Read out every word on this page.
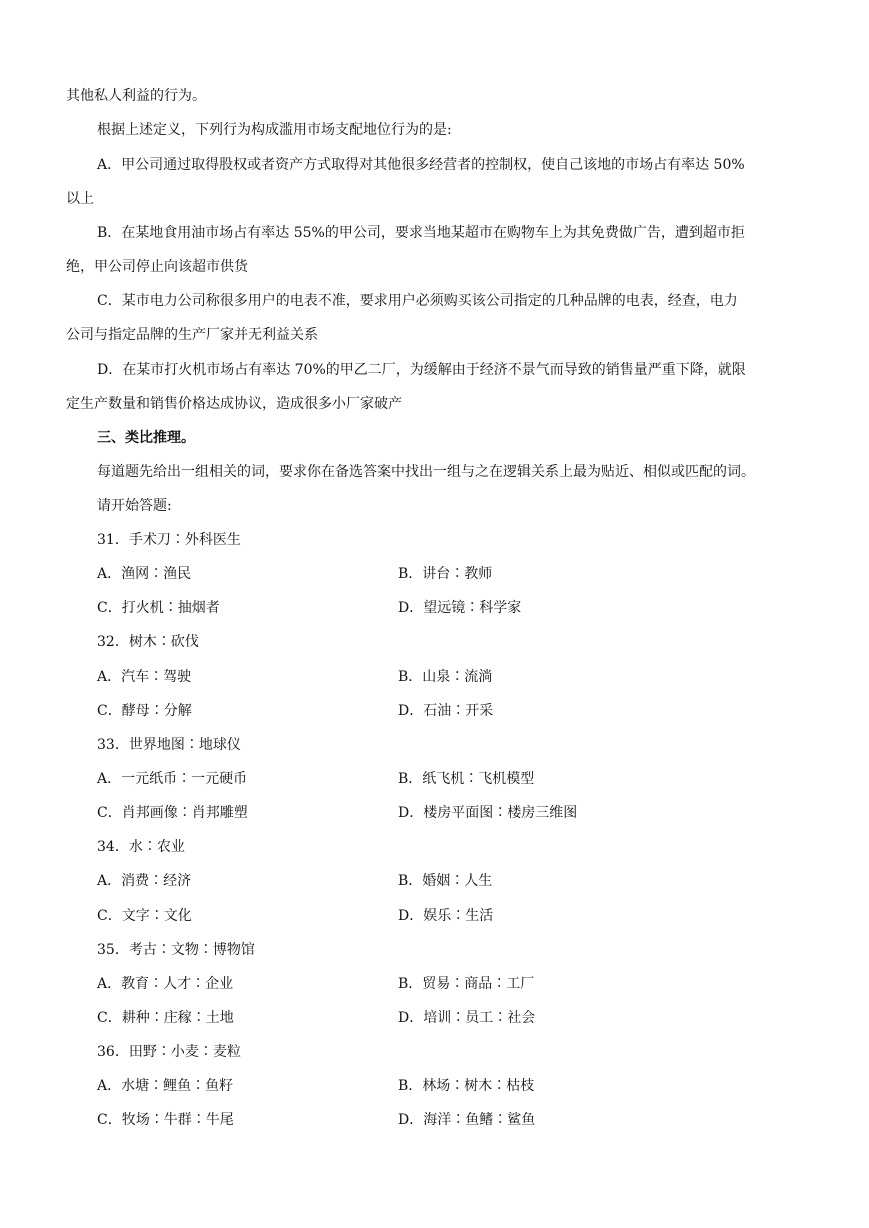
其他私人利益的行为。
根据上述定义，下列行为构成滥用市场支配地位行为的是:
A．甲公司通过取得股权或者资产方式取得对其他很多经营者的控制权，使自己该地的市场占有率达 50%
以上
B．在某地食用油市场占有率达 55%的甲公司，要求当地某超市在购物车上为其免费做广告，遭到超市拒
绝，甲公司停止向该超市供货
C．某市电力公司称很多用户的电表不准，要求用户必须购买该公司指定的几种品牌的电表，经查，电力
公司与指定品牌的生产厂家并无利益关系
D．在某市打火机市场占有率达 70%的甲乙二厂，为缓解由于经济不景气而导致的销售量严重下降，就限
定生产数量和销售价格达成协议，造成很多小厂家破产
三、类比推理。
每道题先给出一组相关的词，要求你在备选答案中找出一组与之在逻辑关系上最为贴近、相似或匹配的词。
请开始答题:
31．手术刀∶外科医生
A．渔网∶渔民	B．讲台∶教师
C．打火机∶抽烟者	D．望远镜∶科学家
32．树木∶砍伐
A．汽车∶驾驶	B．山泉∶流淌
C．酵母∶分解	D．石油∶开采
33．世界地图∶地球仪
A．一元纸币∶一元硬币	B．纸飞机∶飞机模型
C．肖邦画像∶肖邦雕塑	D．楼房平面图∶楼房三维图
34．水∶农业
A．消费∶经济	B．婚姻∶人生
C．文字∶文化	D．娱乐∶生活
35．考古∶文物∶博物馆
A．教育∶人才∶企业	B．贸易∶商品∶工厂
C．耕种∶庄稼∶土地	D．培训∶员工∶社会
36．田野∶小麦∶麦粒
A．水塘∶鲤鱼∶鱼籽	B．林场∶树木∶枯枝
C．牧场∶牛群∶牛尾	D．海洋∶鱼鳍∶鲨鱼
